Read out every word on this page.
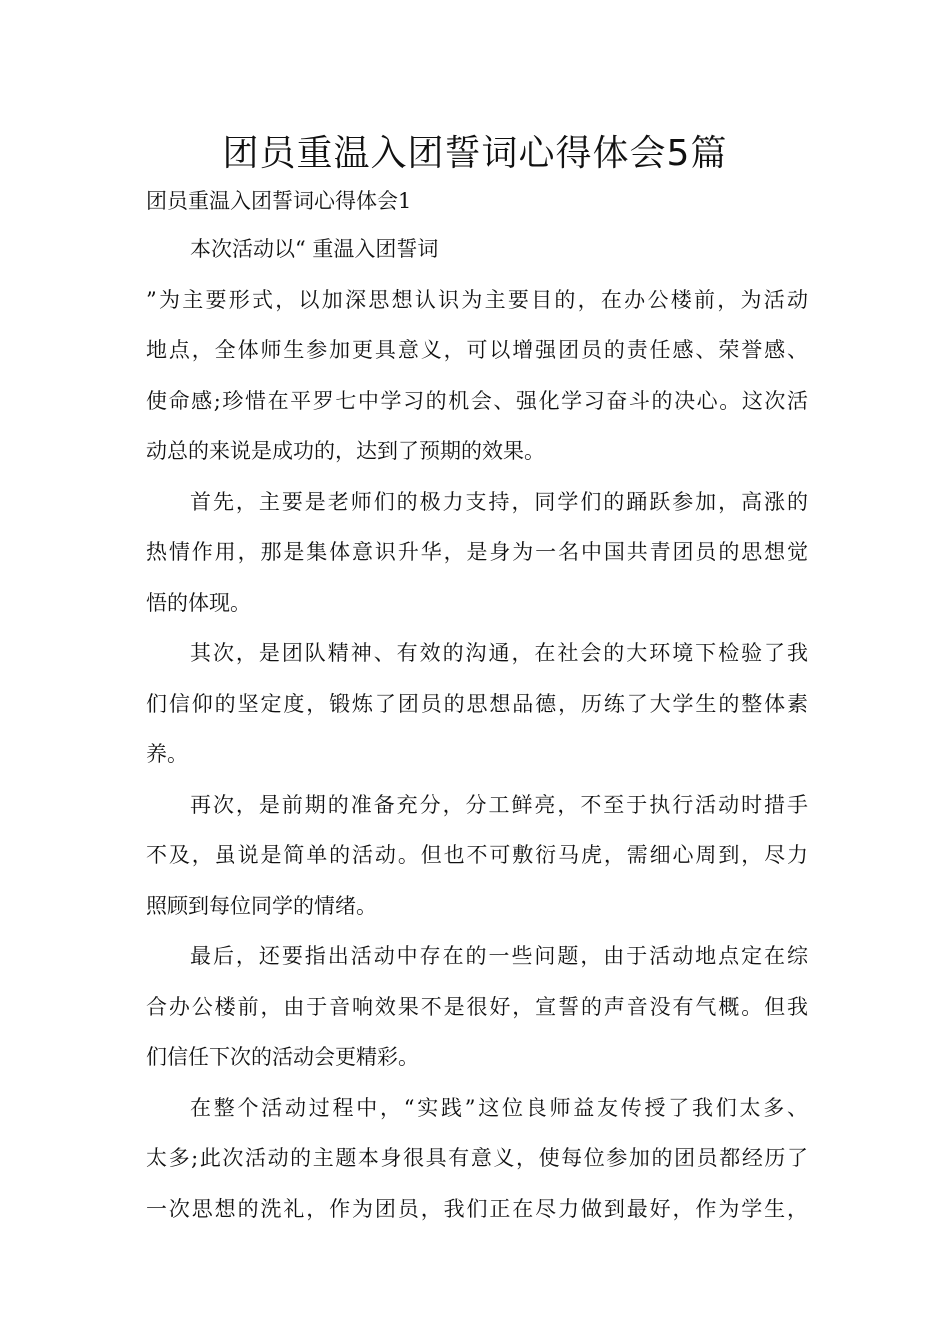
团员重温入团誓词心得体会5篇

团员重温入团誓词心得体会1

本次活动以“ 重温入团誓词
”为主要形式，以加深思想认识为主要目的，在办公楼前，为活动
地点，全体师生参加更具意义，可以增强团员的责任感、荣誉感、
使命感;珍惜在平罗七中学习的机会、强化学习奋斗的决心。这次活
动总的来说是成功的，达到了预期的效果。
首先，主要是老师们的极力支持，同学们的踊跃参加，高涨的
热情作用，那是集体意识升华，是身为一名中国共青团员的思想觉
悟的体现。
其次，是团队精神、有效的沟通，在社会的大环境下检验了我
们信仰的坚定度，锻炼了团员的思想品德，历练了大学生的整体素
养。
再次，是前期的准备充分，分工鲜亮，不至于执行活动时措手
不及，虽说是简单的活动。但也不可敷衍马虎，需细心周到，尽力
照顾到每位同学的情绪。
最后，还要指出活动中存在的一些问题，由于活动地点定在综
合办公楼前，由于音响效果不是很好，宣誓的声音没有气概。但我
们信任下次的活动会更精彩。
在整个活动过程中，“实践”这位良师益友传授了我们太多、
太多;此次活动的主题本身很具有意义，使每位参加的团员都经历了
一次思想的洗礼，作为团员，我们正在尽力做到最好，作为学生，
